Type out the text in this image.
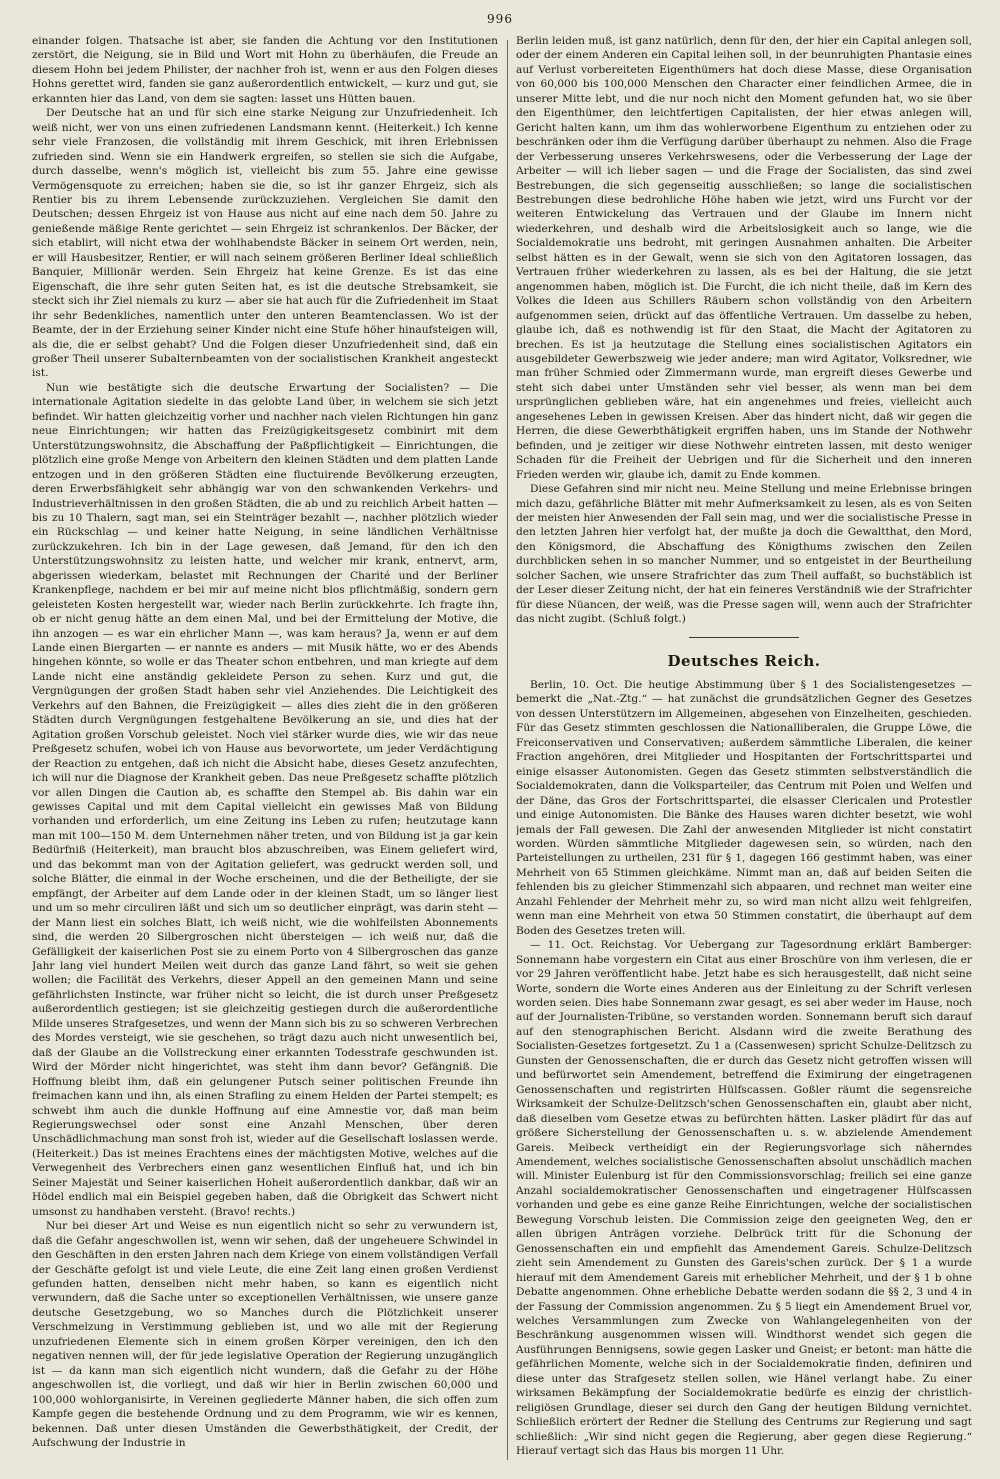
996

einander folgen. Thatsache ist aber, sie fanden die Achtung vor den Institutionen zerstört, die Neigung, sie in Bild und Wort mit Hohn zu überhäufen, die Freude an diesem Hohn bei jedem Philister, der nachher froh ist, wenn er aus den Folgen dieses Hohns gerettet wird, fanden sie ganz außerordentlich entwickelt, — kurz und gut, sie erkannten hier das Land, von dem sie sagten: lasset uns Hütten bauen.

Der Deutsche hat an und für sich eine starke Neigung zur Unzufriedenheit. Ich weiß nicht, wer von uns einen zufriedenen Landsmann kennt. (Heiterkeit.) Ich kenne sehr viele Franzosen, die vollständig mit ihrem Geschick, mit ihren Erlebnissen zufrieden sind. Wenn sie ein Handwerk ergreifen, so stellen sie sich die Aufgabe, durch dasselbe, wenn's möglich ist, vielleicht bis zum 55. Jahre eine gewisse Vermögensquote zu erreichen; haben sie die, so ist ihr ganzer Ehrgeiz, sich als Rentier bis zu ihrem Lebensende zurückzuziehen. Vergleichen Sie damit den Deutschen; dessen Ehrgeiz ist von Hause aus nicht auf eine nach dem 50. Jahre zu genießende mäßige Rente gerichtet — sein Ehrgeiz ist schrankenlos. Der Bäcker, der sich etablirt, will nicht etwa der wohlhabendste Bäcker in seinem Ort werden, nein, er will Hausbesitzer, Rentier, er will nach seinem größeren Berliner Ideal schließlich Banquier, Millionär werden. Sein Ehrgeiz hat keine Grenze. Es ist das eine Eigenschaft, die ihre sehr guten Seiten hat, es ist die deutsche Strebsamkeit, sie steckt sich ihr Ziel niemals zu kurz — aber sie hat auch für die Zufriedenheit im Staat ihr sehr Bedenkliches, namentlich unter den unteren Beamtenclassen. Wo ist der Beamte, der in der Erziehung seiner Kinder nicht eine Stufe höher hinaufsteigen will, als die, die er selbst gehabt? Und die Folgen dieser Unzufriedenheit sind, daß ein großer Theil unserer Subalternbeamten von der socialistischen Krankheit angesteckt ist.

Nun wie bestätigte sich die deutsche Erwartung der Socialisten? — Die internationale Agitation siedelte in das gelobte Land über, in welchem sie sich jetzt befindet. Wir hatten gleichzeitig vorher und nachher nach vielen Richtungen hin ganz neue Einrichtungen; wir hatten das Freizügigkeitsgesetz combinirt mit dem Unterstützungswohnsitz, die Abschaffung der Paßpflichtigkeit — Einrichtungen, die plötzlich eine große Menge von Arbeitern den kleinen Städten und dem platten Lande entzogen und in den größeren Städten eine fluctuirende Bevölkerung erzeugten, deren Erwerbsfähigkeit sehr abhängig war von den schwankenden Verkehrs- und Industrieverhältnissen in den großen Städten, die ab und zu reichlich Arbeit hatten — bis zu 10 Thalern, sagt man, sei ein Steinträger bezahlt —, nachher plötzlich wieder ein Rückschlag — und keiner hatte Neigung, in seine ländlichen Verhältnisse zurückzukehren. Ich bin in der Lage gewesen, daß Jemand, für den ich den Unterstützungswohnsitz zu leisten hatte, und welcher mir krank, entnervt, arm, abgerissen wiederkam, belastet mit Rechnungen der Charité und der Berliner Krankenpflege, nachdem er bei mir auf meine nicht blos pflichtmäßig, sondern gern geleisteten Kosten hergestellt war, wieder nach Berlin zurückkehrte. Ich fragte ihn, ob er nicht genug hätte an dem einen Mal, und bei der Ermittelung der Motive, die ihn anzogen — es war ein ehrlicher Mann —, was kam heraus? Ja, wenn er auf dem Lande einen Biergarten — er nannte es anders — mit Musik hätte, wo er des Abends hingehen könnte, so wolle er das Theater schon entbehren, und man kriegte auf dem Lande nicht eine anständig gekleidete Person zu sehen. Kurz und gut, die Vergnügungen der großen Stadt haben sehr viel Anziehendes. Die Leichtigkeit des Verkehrs auf den Bahnen, die Freizügigkeit — alles dies zieht die in den größeren Städten durch Vergnügungen festgehaltene Bevölkerung an sie, und dies hat der Agitation großen Vorschub geleistet. Noch viel stärker wurde dies, wie wir das neue Preßgesetz schufen, wobei ich von Hause aus bevorwortete, um jeder Verdächtigung der Reaction zu entgehen, daß ich nicht die Absicht habe, dieses Gesetz anzufechten, ich will nur die Diagnose der Krankheit geben. Das neue Preßgesetz schaffte plötzlich vor allen Dingen die Caution ab, es schaffte den Stempel ab. Bis dahin war ein gewisses Capital und mit dem Capital vielleicht ein gewisses Maß von Bildung vorhanden und erforderlich, um eine Zeitung ins Leben zu rufen; heutzutage kann man mit 100—150 M. dem Unternehmen näher treten, und von Bildung ist ja gar kein Bedürfniß (Heiterkeit), man braucht blos abzuschreiben, was Einem geliefert wird, und das bekommt man von der Agitation geliefert, was gedruckt werden soll, und solche Blätter, die einmal in der Woche erscheinen, und die der Betheiligte, der sie empfängt, der Arbeiter auf dem Lande oder in der kleinen Stadt, um so länger liest und um so mehr circuliren läßt und sich um so deutlicher einprägt, was darin steht — der Mann liest ein solches Blatt, ich weiß nicht, wie die wohlfeilsten Abonnements sind, die werden 20 Silbergroschen nicht übersteigen — ich weiß nur, daß die Gefälligkeit der kaiserlichen Post sie zu einem Porto von 4 Silbergroschen das ganze Jahr lang viel hundert Meilen weit durch das ganze Land fährt, so weit sie gehen wollen; die Facilität des Verkehrs, dieser Appell an den gemeinen Mann und seine gefährlichsten Instincte, war früher nicht so leicht, die ist durch unser Preßgesetz außerordentlich gestiegen; ist sie gleichzeitig gestiegen durch die außerordentliche Milde unseres Strafgesetzes, und wenn der Mann sich bis zu so schweren Verbrechen des Mordes versteigt, wie sie geschehen, so trägt dazu auch nicht unwesentlich bei, daß der Glaube an die Vollstreckung einer erkannten Todesstrafe geschwunden ist. Wird der Mörder nicht hingerichtet, was steht ihm dann bevor? Gefängniß. Die Hoffnung bleibt ihm, daß ein gelungener Putsch seiner politischen Freunde ihn freimachen kann und ihn, als einen Strafling zu einem Helden der Partei stempelt; es schwebt ihm auch die dunkle Hoffnung auf eine Amnestie vor, daß man beim Regierungswechsel oder sonst eine Anzahl Menschen, über deren Unschädlichmachung man sonst froh ist, wieder auf die Gesellschaft loslassen werde. (Heiterkeit.) Das ist meines Erachtens eines der mächtigsten Motive, welches auf die Verwegenheit des Verbrechers einen ganz wesentlichen Einfluß hat, und ich bin Seiner Majestät und Seiner kaiserlichen Hoheit außerordentlich dankbar, daß wir an Hödel endlich mal ein Beispiel gegeben haben, daß die Obrigkeit das Schwert nicht umsonst zu handhaben versteht. (Bravo! rechts.)

Nur bei dieser Art und Weise es nun eigentlich nicht so sehr zu verwundern ist, daß die Gefahr angeschwollen ist, wenn wir sehen, daß der ungeheuere Schwindel in den Geschäften in den ersten Jahren nach dem Kriege von einem vollständigen Verfall der Geschäfte gefolgt ist und viele Leute, die eine Zeit lang einen großen Verdienst gefunden hatten, denselben nicht mehr haben, so kann es eigentlich nicht verwundern, daß die Sache unter so exceptionellen Verhältnissen, wie unsere ganze deutsche Gesetzgebung, wo so Manches durch die Plötzlichkeit unserer Verschmelzung in Verstimmung geblieben ist, und wo alle mit der Regierung unzufriedenen Elemente sich in einem großen Körper vereinigen, den ich den negativen nennen will, der für jede legislative Operation der Regierung unzugänglich ist — da kann man sich eigentlich nicht wundern, daß die Gefahr zu der Höhe angeschwollen ist, die vorliegt, und daß wir hier in Berlin zwischen 60,000 und 100,000 wohlorganisirte, in Vereinen gegliederte Männer haben, die sich offen zum Kampfe gegen die bestehende Ordnung und zu dem Programm, wie wir es kennen, bekennen. Daß unter diesen Umständen die Gewerbsthätigkeit, der Credit, der Aufschwung der Industrie in

Berlin leiden muß, ist ganz natürlich, denn für den, der hier ein Capital anlegen soll, oder der einem Anderen ein Capital leihen soll, in der beunruhigten Phantasie eines auf Verlust vorbereiteten Eigenthümers hat doch diese Masse, diese Organisation von 60,000 bis 100,000 Menschen den Character einer feindlichen Armee, die in unserer Mitte lebt, und die nur noch nicht den Moment gefunden hat, wo sie über den Eigenthümer, den leichtfertigen Capitalisten, der hier etwas anlegen will, Gericht halten kann, um ihm das wohlerworbene Eigenthum zu entziehen oder zu beschränken oder ihm die Verfügung darüber überhaupt zu nehmen. Also die Frage der Verbesserung unseres Verkehrswesens, oder die Verbesserung der Lage der Arbeiter — will ich lieber sagen — und die Frage der Socialisten, das sind zwei Bestrebungen, die sich gegenseitig ausschließen; so lange die socialistischen Bestrebungen diese bedrohliche Höhe haben wie jetzt, wird uns Furcht vor der weiteren Entwickelung das Vertrauen und der Glaube im Innern nicht wiederkehren, und deshalb wird die Arbeitslosigkeit auch so lange, wie die Socialdemokratie uns bedroht, mit geringen Ausnahmen anhalten. Die Arbeiter selbst hätten es in der Gewalt, wenn sie sich von den Agitatoren lossagen, das Vertrauen früher wiederkehren zu lassen, als es bei der Haltung, die sie jetzt angenommen haben, möglich ist. Die Furcht, die ich nicht theile, daß im Kern des Volkes die Ideen aus Schillers Räubern schon vollständig von den Arbeitern aufgenommen seien, drückt auf das öffentliche Vertrauen. Um dasselbe zu heben, glaube ich, daß es nothwendig ist für den Staat, die Macht der Agitatoren zu brechen. Es ist ja heutzutage die Stellung eines socialistischen Agitators ein ausgebildeter Gewerbszweig wie jeder andere; man wird Agitator, Volksredner, wie man früher Schmied oder Zimmermann wurde, man ergreift dieses Gewerbe und steht sich dabei unter Umständen sehr viel besser, als wenn man bei dem ursprünglichen geblieben wäre, hat ein angenehmes und freies, vielleicht auch angesehenes Leben in gewissen Kreisen. Aber das hindert nicht, daß wir gegen die Herren, die diese Gewerbthätigkeit ergriffen haben, uns im Stande der Nothwehr befinden, und je zeitiger wir diese Nothwehr eintreten lassen, mit desto weniger Schaden für die Freiheit der Uebrigen und für die Sicherheit und den inneren Frieden werden wir, glaube ich, damit zu Ende kommen.

Diese Gefahren sind mir nicht neu. Meine Stellung und meine Erlebnisse bringen mich dazu, gefährliche Blätter mit mehr Aufmerksamkeit zu lesen, als es von Seiten der meisten hier Anwesenden der Fall sein mag, und wer die socialistische Presse in den letzten Jahren hier verfolgt hat, der mußte ja doch die Gewaltthat, den Mord, den Königsmord, die Abschaffung des Königthums zwischen den Zeilen durchblicken sehen in so mancher Nummer, und so entgeistet in der Beurtheilung solcher Sachen, wie unsere Strafrichter das zum Theil auffaßt, so buchstäblich ist der Leser dieser Zeitung nicht, der hat ein feineres Verständniß wie der Strafrichter für diese Nüancen, der weiß, was die Presse sagen will, wenn auch der Strafrichter das nicht zugibt. (Schluß folgt.)

Deutsches Reich.

Berlin, 10. Oct. Die heutige Abstimmung über § 1 des Socialistengesetzes — bemerkt die „Nat.-Ztg.“ — hat zunächst die grundsätzlichen Gegner des Gesetzes von dessen Unterstützern im Allgemeinen, abgesehen von Einzelheiten, geschieden. Für das Gesetz stimmten geschlossen die Nationalliberalen, die Gruppe Löwe, die Freiconservativen und Conservativen; außerdem sämmtliche Liberalen, die keiner Fraction angehören, drei Mitglieder und Hospitanten der Fortschrittspartei und einige elsasser Autonomisten. Gegen das Gesetz stimmten selbstverständlich die Socialdemokraten, dann die Volksparteiler, das Centrum mit Polen und Welfen und der Däne, das Gros der Fortschrittspartei, die elsasser Clericalen und Protestler und einige Autonomisten. Die Bänke des Hauses waren dichter besetzt, wie wohl jemals der Fall gewesen. Die Zahl der anwesenden Mitglieder ist nicht constatirt worden. Würden sämmtliche Mitglieder dagewesen sein, so würden, nach den Parteistellungen zu urtheilen, 231 für § 1, dagegen 166 gestimmt haben, was einer Mehrheit von 65 Stimmen gleichkäme. Nimmt man an, daß auf beiden Seiten die fehlenden bis zu gleicher Stimmenzahl sich abpaaren, und rechnet man weiter eine Anzahl Fehlender der Mehrheit mehr zu, so wird man nicht allzu weit fehlgreifen, wenn man eine Mehrheit von etwa 50 Stimmen constatirt, die überhaupt auf dem Boden des Gesetzes treten will.

— 11. Oct. Reichstag. Vor Uebergang zur Tagesordnung erklärt Bamberger: Sonnemann habe vorgestern ein Citat aus einer Broschüre von ihm verlesen, die er vor 29 Jahren veröffentlicht habe. Jetzt habe es sich herausgestellt, daß nicht seine Worte, sondern die Worte eines Anderen aus der Einleitung zu der Schrift verlesen worden seien. Dies habe Sonnemann zwar gesagt, es sei aber weder im Hause, noch auf der Journalisten-Tribüne, so verstanden worden. Sonnemann beruft sich darauf auf den stenographischen Bericht. Alsdann wird die zweite Berathung des Socialisten-Gesetzes fortgesetzt. Zu 1 a (Cassenwesen) spricht Schulze-Delitzsch zu Gunsten der Genossenschaften, die er durch das Gesetz nicht getroffen wissen will und befürwortet sein Amendement, betreffend die Eximirung der eingetragenen Genossenschaften und registrirten Hülfscassen. Goßler räumt die segensreiche Wirksamkeit der Schulze-Delitzsch'schen Genossenschaften ein, glaubt aber nicht, daß dieselben vom Gesetze etwas zu befürchten hätten. Lasker plädirt für das auf größere Sicherstellung der Genossenschaften u. s. w. abzielende Amendement Gareis. Meibeck vertheidigt ein der Regierungsvorlage sich näherndes Amendement, welches socialistische Genossenschaften absolut unschädlich machen will. Minister Eulenburg ist für den Commissionsvorschlag; freilich sei eine ganze Anzahl socialdemokratischer Genossenschaften und eingetragener Hülfscassen vorhanden und gebe es eine ganze Reihe Einrichtungen, welche der socialistischen Bewegung Vorschub leisten. Die Commission zeige den geeigneten Weg, den er allen übrigen Anträgen vorziehe. Delbrück tritt für die Schonung der Genossenschaften ein und empfiehlt das Amendement Gareis. Schulze-Delitzsch zieht sein Amendement zu Gunsten des Gareis'schen zurück. Der § 1 a wurde hierauf mit dem Amendement Gareis mit erheblicher Mehrheit, und der § 1 b ohne Debatte angenommen. Ohne erhebliche Debatte werden sodann die §§ 2, 3 und 4 in der Fassung der Commission angenommen. Zu § 5 liegt ein Amendement Bruel vor, welches Versammlungen zum Zwecke von Wahlangelegenheiten von der Beschränkung ausgenommen wissen will. Windthorst wendet sich gegen die Ausführungen Bennigsens, sowie gegen Lasker und Gneist; er betont: man hätte die gefährlichen Momente, welche sich in der Socialdemokratie finden, definiren und diese unter das Strafgesetz stellen sollen, wie Hänel verlangt habe. Zu einer wirksamen Bekämpfung der Socialdemokratie bedürfe es einzig der christlich-religiösen Grundlage, dieser sei durch den Gang der heutigen Bildung vernichtet. Schließlich erörtert der Redner die Stellung des Centrums zur Regierung und sagt schließlich: „Wir sind nicht gegen die Regierung, aber gegen diese Regierung.“ Hierauf vertagt sich das Haus bis morgen 11 Uhr.
